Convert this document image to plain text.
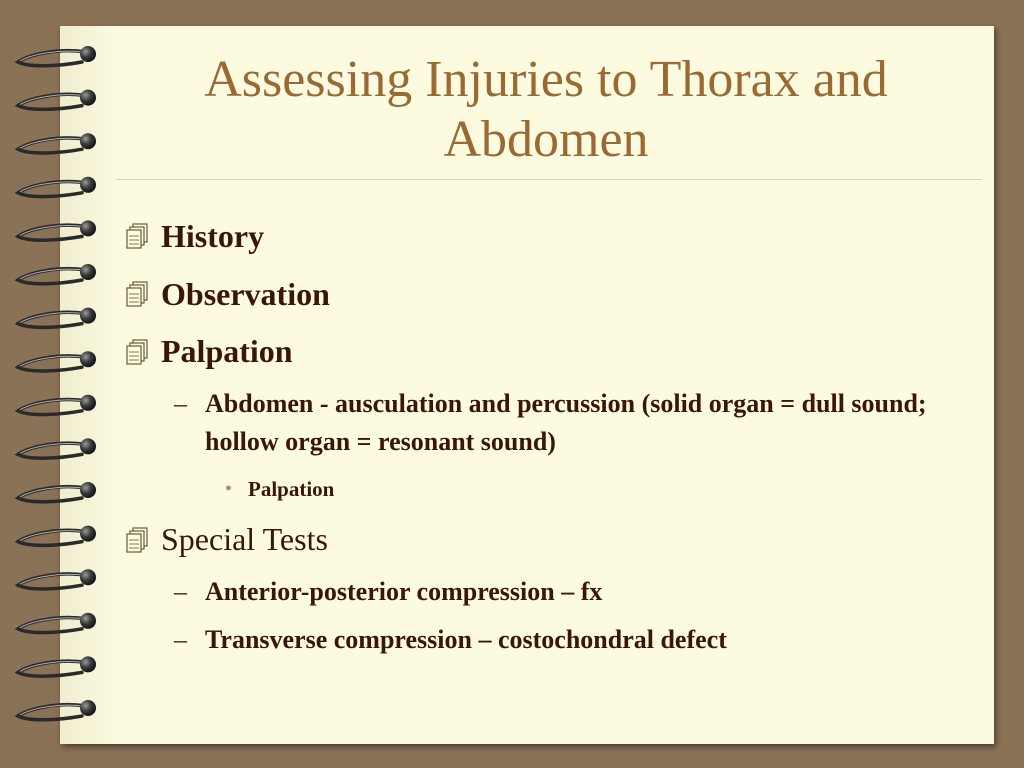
Assessing Injuries to Thorax and Abdomen
History
Observation
Palpation
– Abdomen - ausculation and percussion (solid organ = dull sound; hollow organ = resonant sound)
• Palpation
Special Tests
– Anterior-posterior compression – fx
– Transverse compression – costochondral defect
